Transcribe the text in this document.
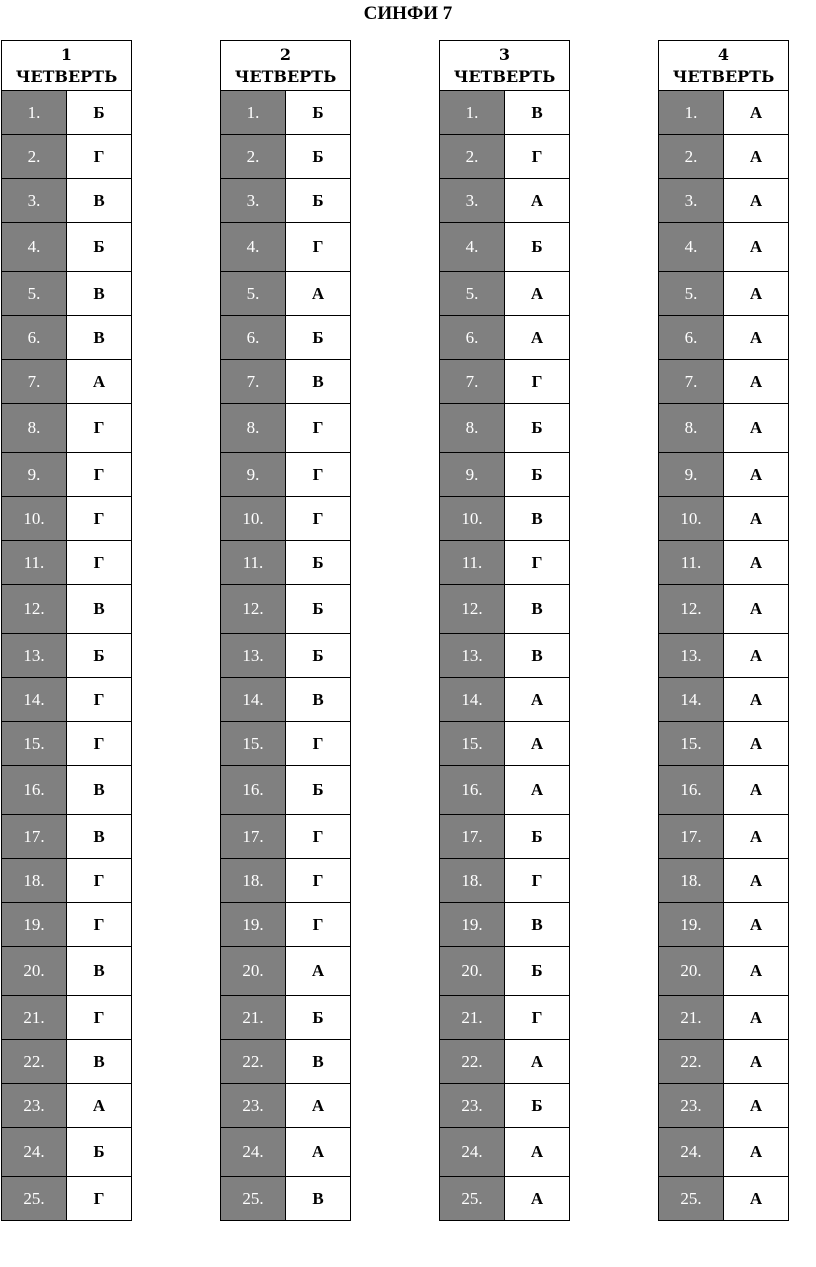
СИНФИ 7
1
ЧЕТВЕРТЬ	

1.	Б
2.	Г
3.	В
4.	Б
5.	В
6.	В
7.	А
8.	Г
9.	Г
10.	Г
11.	Г
12.	В
13.	Б
14.	Г
15.	Г
16.	В
17.	В
18.	Г
19.	Г
20.	В
21.	Г
22.	В
23.	А
24.	Б
25.	Г
2
ЧЕТВЕРТЬ	

1.	Б
2.	Б
3.	Б
4.	Г
5.	А
6.	Б
7.	В
8.	Г
9.	Г
10.	Г
11.	Б
12.	Б
13.	Б
14.	В
15.	Г
16.	Б
17.	Г
18.	Г
19.	Г
20.	А
21.	Б
22.	В
23.	А
24.	А
25.	В
3
ЧЕТВЕРТЬ	

1.	В
2.	Г
3.	А
4.	Б
5.	А
6.	А
7.	Г
8.	Б
9.	Б
10.	В
11.	Г
12.	В
13.	В
14.	А
15.	А
16.	А
17.	Б
18.	Г
19.	В
20.	Б
21.	Г
22.	А
23.	Б
24.	А
25.	А
4
ЧЕТВЕРТЬ	

1.	А
2.	А
3.	А
4.	А
5.	А
6.	А
7.	А
8.	А
9.	А
10.	А
11.	А
12.	А
13.	А
14.	А
15.	А
16.	А
17.	А
18.	А
19.	А
20.	А
21.	А
22.	А
23.	А
24.	А
25.	А
